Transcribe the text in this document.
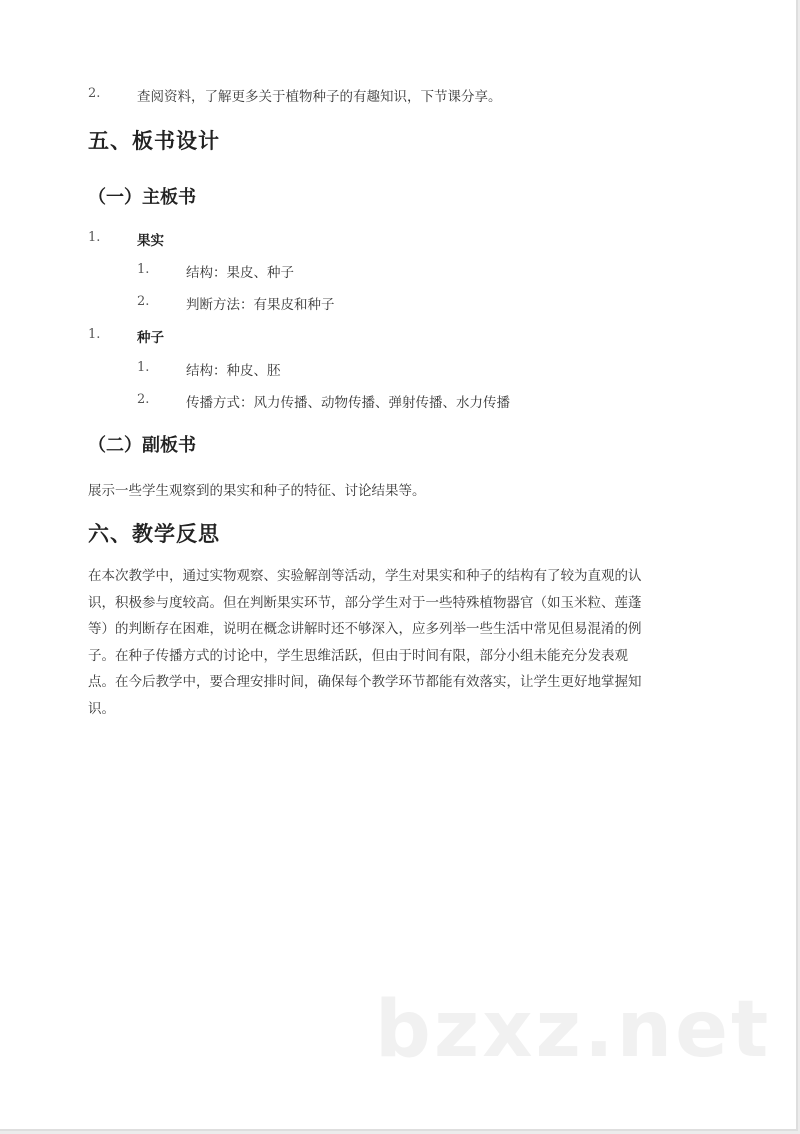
2.	查阅资料，了解更多关于植物种子的有趣知识，下节课分享。
五、板书设计
（一）主板书
1.	果实
1.	结构：果皮、种子
2.	判断方法：有果皮和种子
1.	种子
1.	结构：种皮、胚
2.	传播方式：风力传播、动物传播、弹射传播、水力传播
（二）副板书
展示一些学生观察到的果实和种子的特征、讨论结果等。
六、教学反思
在本次教学中，通过实物观察、实验解剖等活动，学生对果实和种子的结构有了较为直观的认
识，积极参与度较高。但在判断果实环节，部分学生对于一些特殊植物器官（如玉米粒、莲蓬
等）的判断存在困难，说明在概念讲解时还不够深入，应多列举一些生活中常见但易混淆的例
子。在种子传播方式的讨论中，学生思维活跃，但由于时间有限，部分小组未能充分发表观
点。在今后教学中，要合理安排时间，确保每个教学环节都能有效落实，让学生更好地掌握知
识。
bzxz.net
